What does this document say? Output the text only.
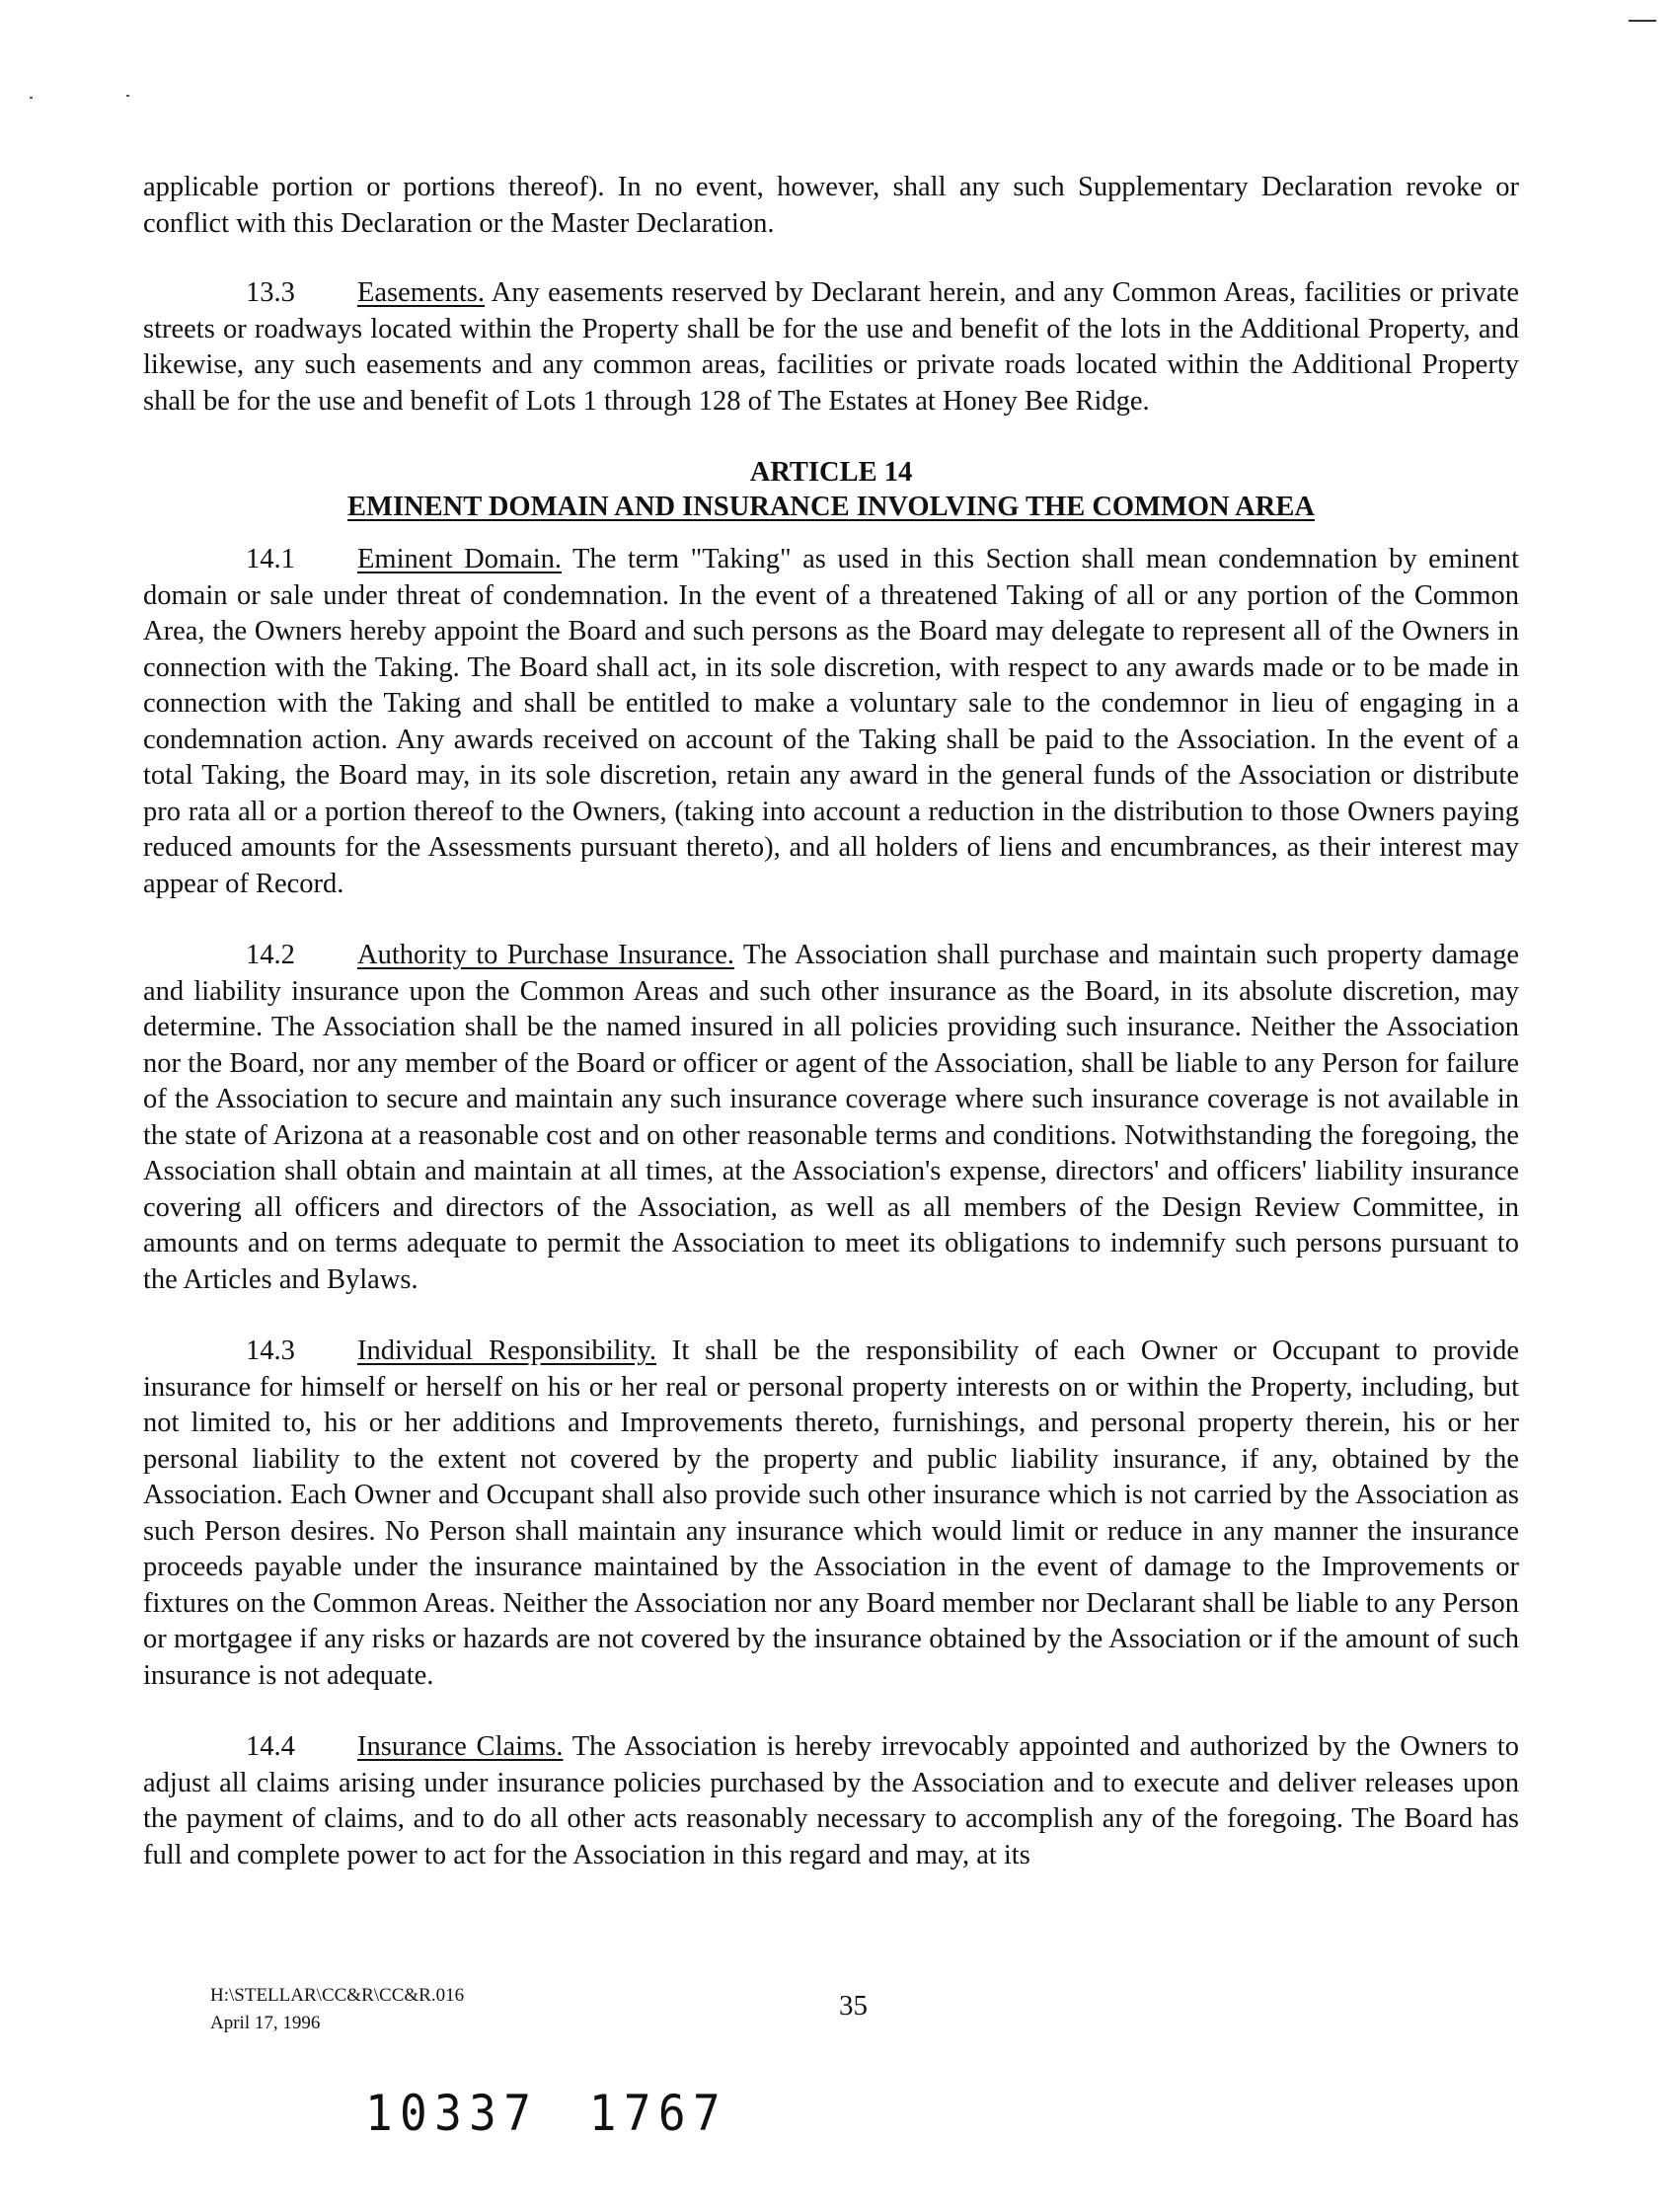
applicable portion or portions thereof). In no event, however, shall any such Supplementary Declaration revoke or conflict with this Declaration or the Master Declaration.

13.3 Easements. Any easements reserved by Declarant herein, and any Common Areas, facilities or private streets or roadways located within the Property shall be for the use and benefit of the lots in the Additional Property, and likewise, any such easements and any common areas, facilities or private roads located within the Additional Property shall be for the use and benefit of Lots 1 through 128 of The Estates at Honey Bee Ridge.

ARTICLE 14
EMINENT DOMAIN AND INSURANCE INVOLVING THE COMMON AREA

14.1 Eminent Domain. The term "Taking" as used in this Section shall mean condemnation by eminent domain or sale under threat of condemnation. In the event of a threatened Taking of all or any portion of the Common Area, the Owners hereby appoint the Board and such persons as the Board may delegate to represent all of the Owners in connection with the Taking. The Board shall act, in its sole discretion, with respect to any awards made or to be made in connection with the Taking and shall be entitled to make a voluntary sale to the condemnor in lieu of engaging in a condemnation action. Any awards received on account of the Taking shall be paid to the Association. In the event of a total Taking, the Board may, in its sole discretion, retain any award in the general funds of the Association or distribute pro rata all or a portion thereof to the Owners, (taking into account a reduction in the distribution to those Owners paying reduced amounts for the Assessments pursuant thereto), and all holders of liens and encumbrances, as their interest may appear of Record.

14.2 Authority to Purchase Insurance. The Association shall purchase and maintain such property damage and liability insurance upon the Common Areas and such other insurance as the Board, in its absolute discretion, may determine. The Association shall be the named insured in all policies providing such insurance. Neither the Association nor the Board, nor any member of the Board or officer or agent of the Association, shall be liable to any Person for failure of the Association to secure and maintain any such insurance coverage where such insurance coverage is not available in the state of Arizona at a reasonable cost and on other reasonable terms and conditions. Notwithstanding the foregoing, the Association shall obtain and maintain at all times, at the Association's expense, directors' and officers' liability insurance covering all officers and directors of the Association, as well as all members of the Design Review Committee, in amounts and on terms adequate to permit the Association to meet its obligations to indemnify such persons pursuant to the Articles and Bylaws.

14.3 Individual Responsibility. It shall be the responsibility of each Owner or Occupant to provide insurance for himself or herself on his or her real or personal property interests on or within the Property, including, but not limited to, his or her additions and Improvements thereto, furnishings, and personal property therein, his or her personal liability to the extent not covered by the property and public liability insurance, if any, obtained by the Association. Each Owner and Occupant shall also provide such other insurance which is not carried by the Association as such Person desires. No Person shall maintain any insurance which would limit or reduce in any manner the insurance proceeds payable under the insurance maintained by the Association in the event of damage to the Improvements or fixtures on the Common Areas. Neither the Association nor any Board member nor Declarant shall be liable to any Person or mortgagee if any risks or hazards are not covered by the insurance obtained by the Association or if the amount of such insurance is not adequate.

14.4 Insurance Claims. The Association is hereby irrevocably appointed and authorized by the Owners to adjust all claims arising under insurance policies purchased by the Association and to execute and deliver releases upon the payment of claims, and to do all other acts reasonably necessary to accomplish any of the foregoing. The Board has full and complete power to act for the Association in this regard and may, at its

H:\STELLAR\CC&R\CC&R.016
April 17, 1996
35
10337 1767
